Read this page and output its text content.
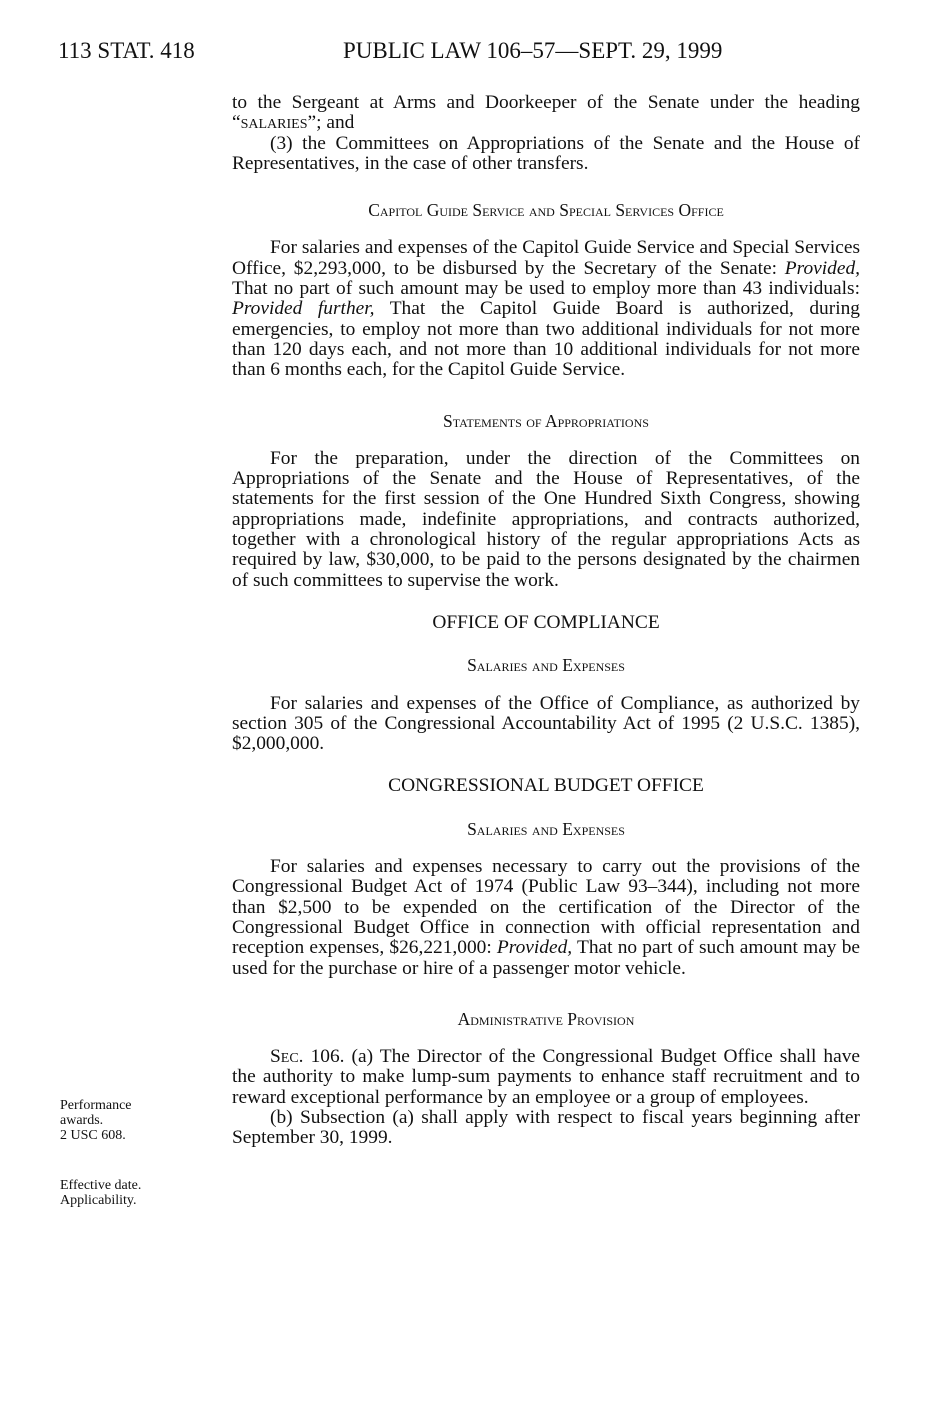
113 STAT. 418	PUBLIC LAW 106–57—SEPT. 29, 1999

to the Sergeant at Arms and Doorkeeper of the Senate under the heading “salaries”; and

(3) the Committees on Appropriations of the Senate and the House of Representatives, in the case of other transfers.

Capitol Guide Service and Special Services Office

For salaries and expenses of the Capitol Guide Service and Special Services Office, $2,293,000, to be disbursed by the Secretary of the Senate: Provided, That no part of such amount may be used to employ more than 43 individuals: Provided further, That the Capitol Guide Board is authorized, during emergencies, to employ not more than two additional individuals for not more than 120 days each, and not more than 10 additional individuals for not more than 6 months each, for the Capitol Guide Service.

Statements of Appropriations

For the preparation, under the direction of the Committees on Appropriations of the Senate and the House of Representatives, of the statements for the first session of the One Hundred Sixth Congress, showing appropriations made, indefinite appropriations, and contracts authorized, together with a chronological history of the regular appropriations Acts as required by law, $30,000, to be paid to the persons designated by the chairmen of such committees to supervise the work.

OFFICE OF COMPLIANCE
Salaries and Expenses

For salaries and expenses of the Office of Compliance, as authorized by section 305 of the Congressional Accountability Act of 1995 (2 U.S.C. 1385), $2,000,000.

CONGRESSIONAL BUDGET OFFICE
Salaries and Expenses

For salaries and expenses necessary to carry out the provisions of the Congressional Budget Act of 1974 (Public Law 93–344), including not more than $2,500 to be expended on the certification of the Director of the Congressional Budget Office in connection with official representation and reception expenses, $26,221,000: Provided, That no part of such amount may be used for the purchase or hire of a passenger motor vehicle.

Administrative Provision

Sec. 106. (a) The Director of the Congressional Budget Office shall have the authority to make lump-sum payments to enhance staff recruitment and to reward exceptional performance by an employee or a group of employees.

(b) Subsection (a) shall apply with respect to fiscal years beginning after September 30, 1999.

Performance
awards.
2 USC 608.
Effective date.
Applicability.
